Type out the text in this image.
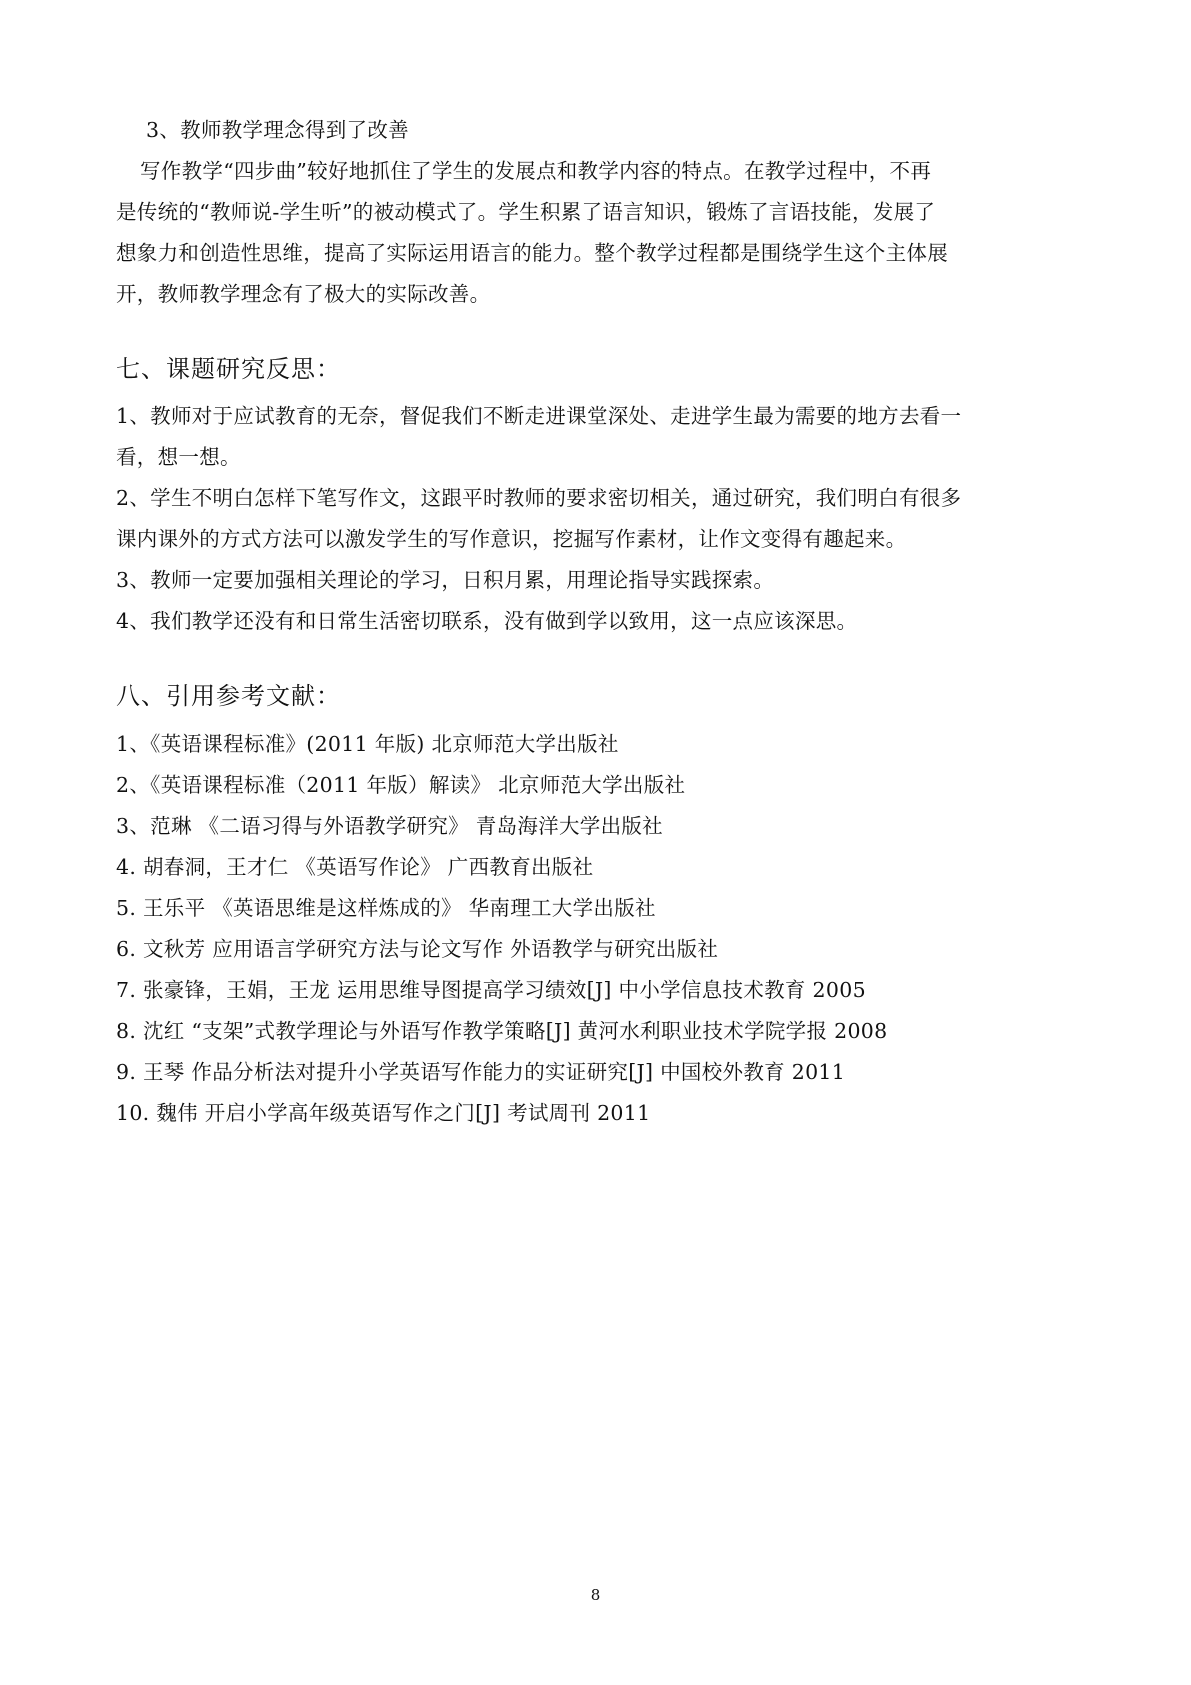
3、教师教学理念得到了改善
写作教学“四步曲”较好地抓住了学生的发展点和教学内容的特点。在教学过程中，不再
是传统的“教师说-学生听”的被动模式了。学生积累了语言知识，锻炼了言语技能，发展了
想象力和创造性思维，提高了实际运用语言的能力。整个教学过程都是围绕学生这个主体展
开，教师教学理念有了极大的实际改善。
七、课题研究反思：
1、教师对于应试教育的无奈，督促我们不断走进课堂深处、走进学生最为需要的地方去看一
看，想一想。
2、学生不明白怎样下笔写作文，这跟平时教师的要求密切相关，通过研究，我们明白有很多
课内课外的方式方法可以激发学生的写作意识，挖掘写作素材，让作文变得有趣起来。
3、教师一定要加强相关理论的学习，日积月累，用理论指导实践探索。
4、我们教学还没有和日常生活密切联系，没有做到学以致用，这一点应该深思。
八、引用参考文献：
1、《英语课程标准》(2011 年版) 北京师范大学出版社
2、《英语课程标准（2011 年版）解读》 北京师范大学出版社
3、范琳 《二语习得与外语教学研究》 青岛海洋大学出版社
4. 胡春洞，王才仁 《英语写作论》 广西教育出版社
5. 王乐平 《英语思维是这样炼成的》 华南理工大学出版社
6. 文秋芳 应用语言学研究方法与论文写作 外语教学与研究出版社
7. 张豪锋，王娟，王龙 运用思维导图提高学习绩效[J] 中小学信息技术教育 2005
8. 沈红 “支架”式教学理论与外语写作教学策略[J] 黄河水利职业技术学院学报 2008
9. 王琴 作品分析法对提升小学英语写作能力的实证研究[J] 中国校外教育 2011
10. 魏伟 开启小学高年级英语写作之门[J] 考试周刊 2011
8
